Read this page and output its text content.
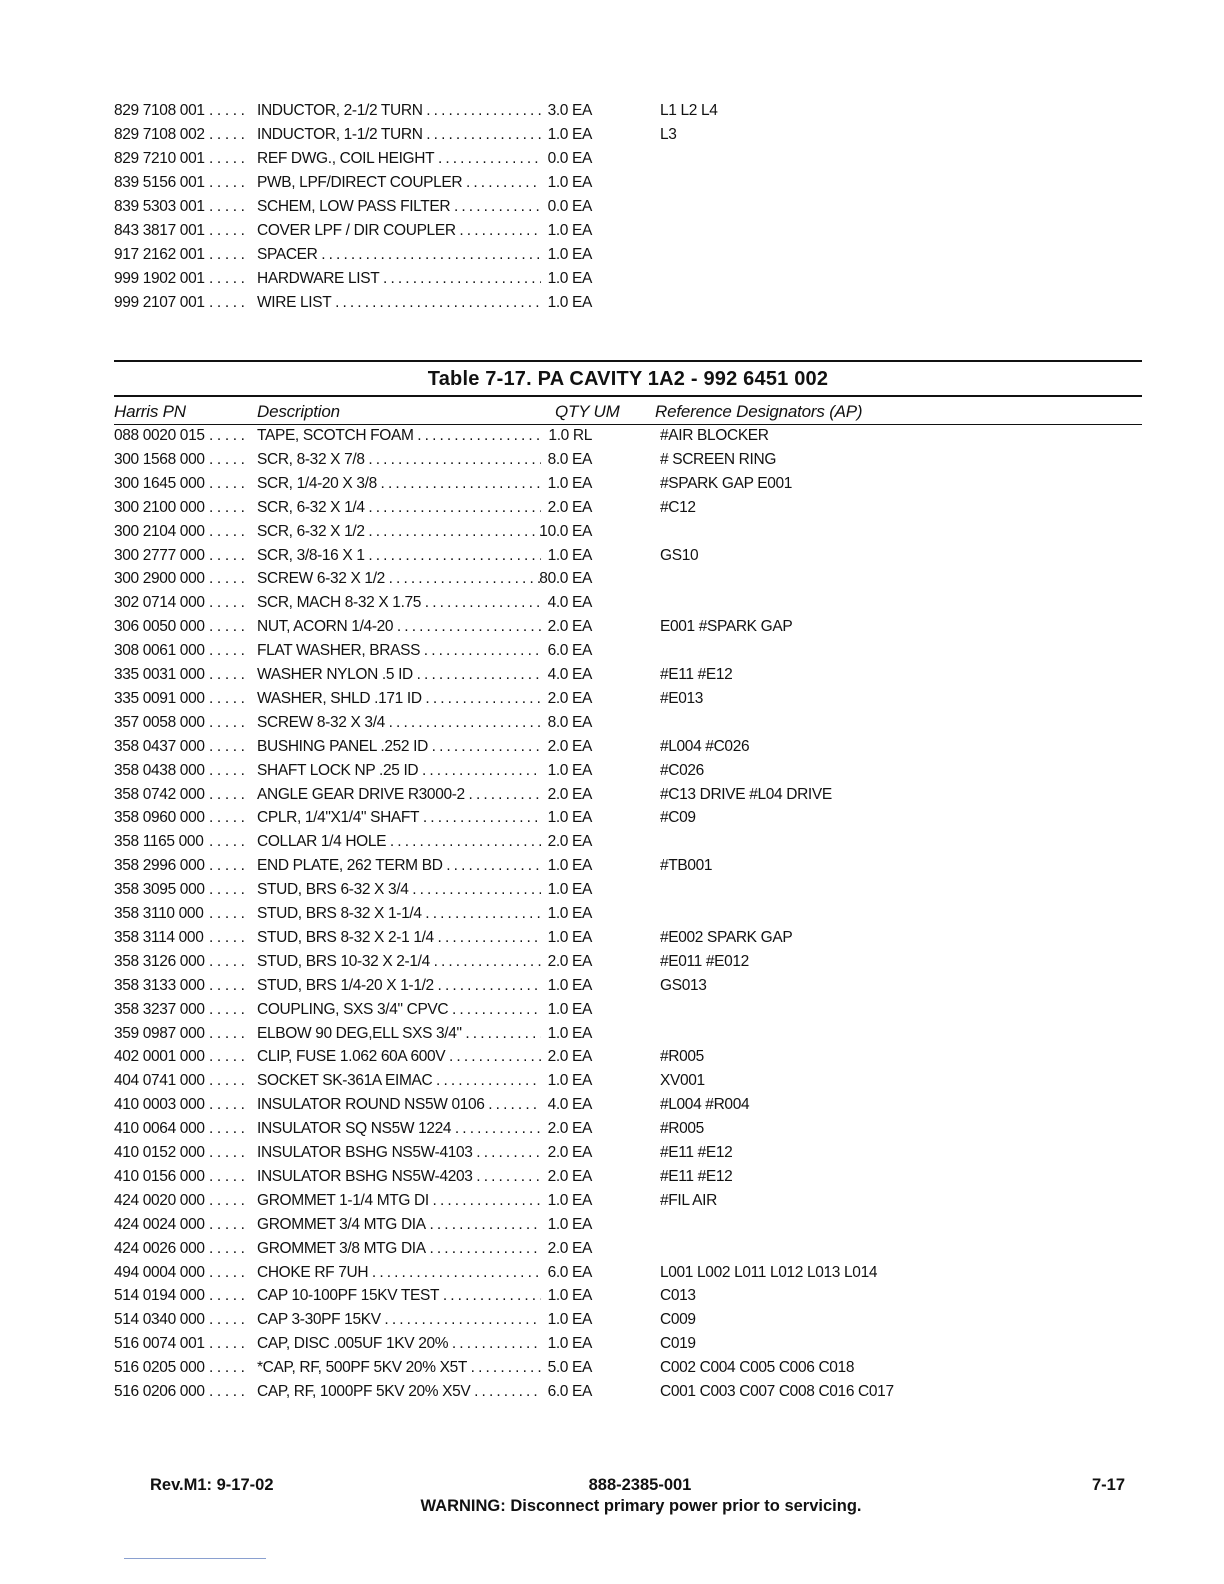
829 7108 001 . . . . . INDUCTOR, 2-1/2 TURN . . .	3.0 EA	L1 L2 L4
829 7108 002 . . . . . INDUCTOR, 1-1/2 TURN . . .	1.0 EA	L3
829 7210 001 . . . . . REF DWG., COIL HEIGHT . . .	0.0 EA
839 5156 001 . . . . . PWB, LPF/DIRECT COUPLER . . .	1.0 EA
839 5303 001 . . . . . SCHEM, LOW PASS FILTER . . .	0.0 EA
843 3817 001 . . . . . COVER LPF / DIR COUPLER . . .	1.0 EA
917 2162 001 . . . . . SPACER . . .	1.0 EA
999 1902 001 . . . . . HARDWARE LIST . . .	1.0 EA
999 2107 001 . . . . . WIRE LIST . . .	1.0 EA
Table 7-17. PA CAVITY 1A2 - 992 6451 002
Harris PN	Description	QTY UM Reference Designators (AP)
088 0020 015 . . . . . TAPE, SCOTCH FOAM . . .	1.0 RL	#AIR BLOCKER
300 1568 000 . . . . . SCR, 8-32 X 7/8 . . .	8.0 EA	# SCREEN RING
300 1645 000 . . . . . SCR, 1/4-20 X 3/8 . . .	1.0 EA	#SPARK GAP E001
300 2100 000 . . . . . SCR, 6-32 X 1/4 . . .	2.0 EA	#C12
300 2104 000 . . . . . SCR, 6-32 X 1/2 . . .	10.0 EA
300 2777 000 . . . . . SCR, 3/8-16 X 1 . . .	1.0 EA	GS10
300 2900 000 . . . . . SCREW 6-32 X 1/2 . . .	80.0 EA
302 0714 000 . . . . . SCR, MACH 8-32 X 1.75 . . .	4.0 EA
306 0050 000 . . . . . NUT, ACORN 1/4-20 . . .	2.0 EA	E001 #SPARK GAP
308 0061 000 . . . . . FLAT WASHER, BRASS . . .	6.0 EA
335 0031 000 . . . . . WASHER NYLON .5 ID . . .	4.0 EA	#E11 #E12
335 0091 000 . . . . . WASHER, SHLD .171 ID . . .	2.0 EA	#E013
357 0058 000 . . . . . SCREW 8-32 X 3/4 . . .	8.0 EA
358 0437 000 . . . . . BUSHING PANEL .252 ID . . .	2.0 EA	#L004 #C026
358 0438 000 . . . . . SHAFT LOCK NP .25 ID . . .	1.0 EA	#C026
358 0742 000 . . . . . ANGLE GEAR DRIVE R3000-2 . . .	2.0 EA	#C13 DRIVE #L04 DRIVE
358 0960 000 . . . . . CPLR, 1/4"X1/4" SHAFT . . .	1.0 EA	#C09
358 1165 000 . . . . . COLLAR 1/4 HOLE . . .	2.0 EA
358 2996 000 . . . . . END PLATE, 262 TERM BD . . .	1.0 EA	#TB001
358 3095 000 . . . . . STUD, BRS 6-32 X 3/4 . . .	1.0 EA
358 3110 000 . . . . . STUD, BRS 8-32 X 1-1/4 . . .	1.0 EA
358 3114 000 . . . . . STUD, BRS 8-32 X 2-1 1/4 . . .	1.0 EA	#E002 SPARK GAP
358 3126 000 . . . . . STUD, BRS 10-32 X 2-1/4 . . .	2.0 EA	#E011 #E012
358 3133 000 . . . . . STUD, BRS 1/4-20 X 1-1/2 . . .	1.0 EA	GS013
358 3237 000 . . . . . COUPLING, SXS 3/4" CPVC . . .	1.0 EA
359 0987 000 . . . . . ELBOW 90 DEG,ELL SXS 3/4" . . .	1.0 EA
402 0001 000 . . . . . CLIP, FUSE 1.062 60A 600V . . .	2.0 EA	#R005
404 0741 000 . . . . . SOCKET SK-361A EIMAC . . .	1.0 EA	XV001
410 0003 000 . . . . . INSULATOR ROUND NS5W 0106 . . .	4.0 EA	#L004 #R004
410 0064 000 . . . . . INSULATOR SQ NS5W 1224 . . .	2.0 EA	#R005
410 0152 000 . . . . . INSULATOR BSHG NS5W-4103 . . .	2.0 EA	#E11 #E12
410 0156 000 . . . . . INSULATOR BSHG NS5W-4203 . . .	2.0 EA	#E11 #E12
424 0020 000 . . . . . GROMMET 1-1/4 MTG DI . . .	1.0 EA	#FIL AIR
424 0024 000 . . . . . GROMMET 3/4 MTG DIA . . .	1.0 EA
424 0026 000 . . . . . GROMMET 3/8 MTG DIA . . .	2.0 EA
494 0004 000 . . . . . CHOKE RF 7UH . . .	6.0 EA	L001 L002 L011 L012 L013 L014
514 0194 000 . . . . . CAP 10-100PF 15KV TEST . . .	1.0 EA	C013
514 0340 000 . . . . . CAP 3-30PF 15KV . . .	1.0 EA	C009
516 0074 001 . . . . . CAP, DISC .005UF 1KV 20% . . .	1.0 EA	C019
516 0205 000 . . . . . *CAP, RF, 500PF 5KV 20% X5T . . .	5.0 EA	C002 C004 C005 C006 C018
516 0206 000 . . . . . CAP, RF, 1000PF 5KV 20% X5V . . .	6.0 EA	C001 C003 C007 C008 C016 C017
Rev.M1: 9-17-02	888-2385-001
WARNING: Disconnect primary power prior to servicing.
7-17
